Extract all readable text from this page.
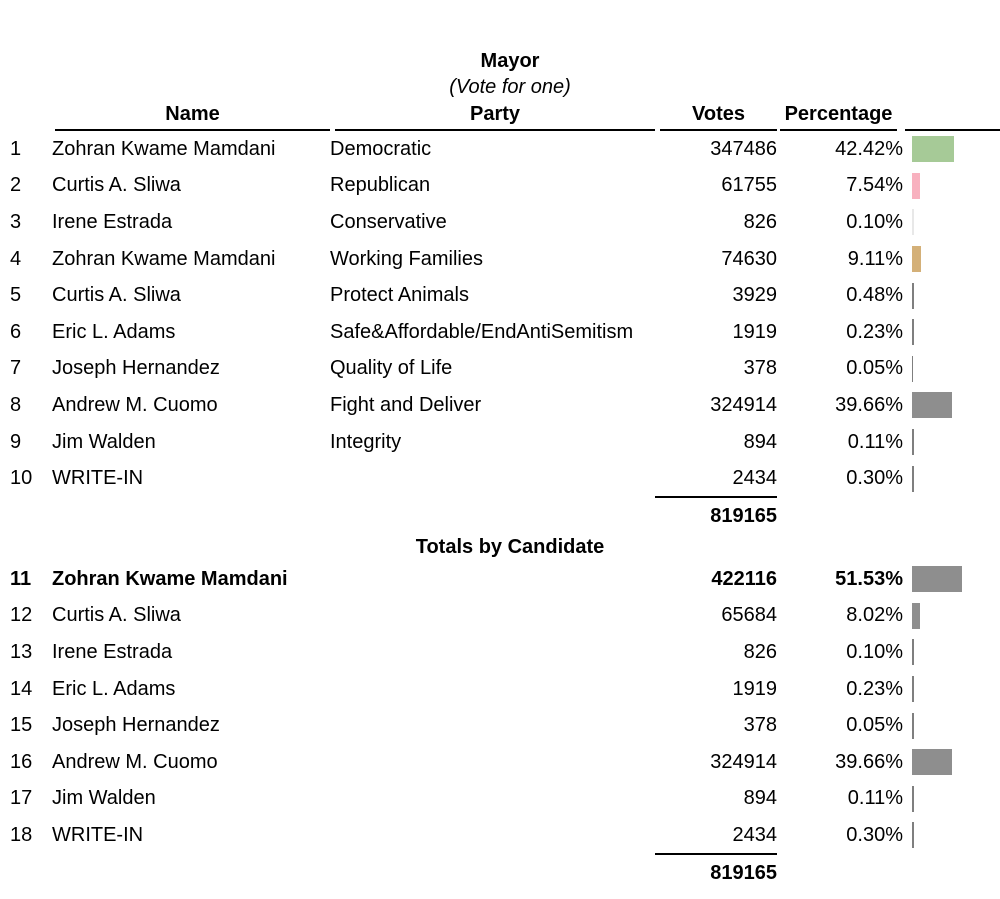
Mayor
(Vote for one)
Name	Party	Votes	Percentage
1	Zohran Kwame Mamdani	Democratic	347486	42.42%
2	Curtis A. Sliwa	Republican	61755	7.54%
3	Irene Estrada	Conservative	826	0.10%
4	Zohran Kwame Mamdani	Working Families	74630	9.11%
5	Curtis A. Sliwa	Protect Animals	3929	0.48%
6	Eric L. Adams	Safe&Affordable/EndAntiSemitism	1919	0.23%
7	Joseph Hernandez	Quality of Life	378	0.05%
8	Andrew M. Cuomo	Fight and Deliver	324914	39.66%
9	Jim Walden	Integrity	894	0.11%
10 WRITE-IN	2434	0.30%
819165
Totals by Candidate
11	Zohran Kwame Mamdani	422116	51.53%
12 Curtis A. Sliwa	65684	8.02%
13 Irene Estrada	826	0.10%
14 Eric L. Adams	1919	0.23%
15 Joseph Hernandez	378	0.05%
16 Andrew M. Cuomo	324914	39.66%
17 Jim Walden	894	0.11%
18 WRITE-IN	2434	0.30%
819165
